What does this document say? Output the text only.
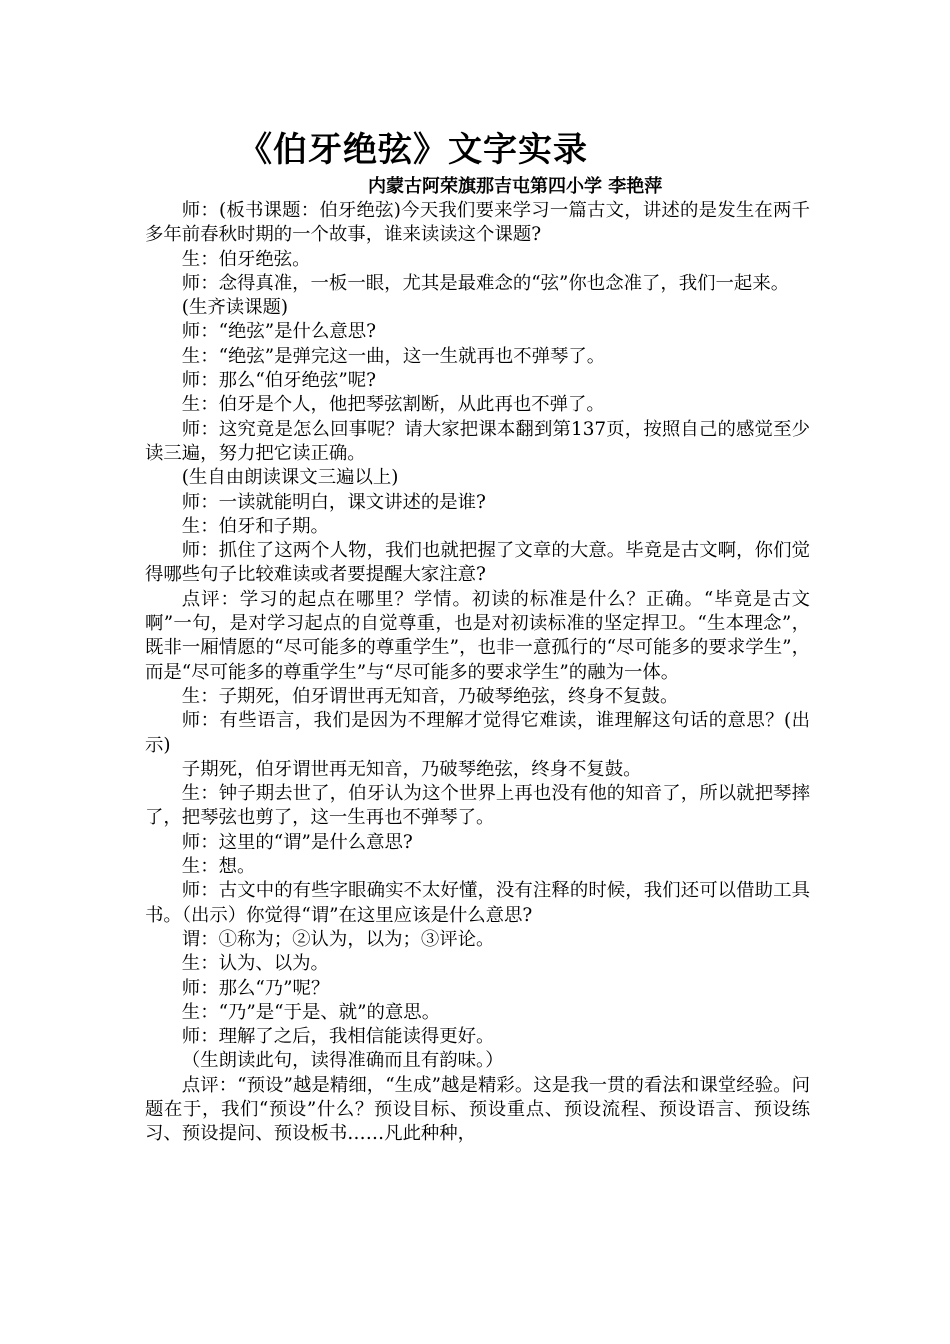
《伯牙绝弦》文字实录
内蒙古阿荣旗那吉屯第四小学 李艳萍

师：(板书课题：伯牙绝弦)今天我们要来学习一篇古文，讲述的是发生在两千多年前春秋时期的一个故事，谁来读读这个课题?

生：伯牙绝弦。

师：念得真准，一板一眼，尤其是最难念的“弦”你也念准了，我们一起来。

(生齐读课题)

师：“绝弦”是什么意思?

生：“绝弦”是弹完这一曲，这一生就再也不弹琴了。

师：那么“伯牙绝弦”呢?

生：伯牙是个人，他把琴弦割断，从此再也不弹了。

师：这究竟是怎么回事呢？请大家把课本翻到第137页，按照自己的感觉至少读三遍，努力把它读正确。

(生自由朗读课文三遍以上)

师：一读就能明白，课文讲述的是谁?

生：伯牙和子期。

师：抓住了这两个人物，我们也就把握了文章的大意。毕竟是古文啊，你们觉得哪些句子比较难读或者要提醒大家注意?

点评：学习的起点在哪里？学情。初读的标准是什么？正确。“毕竟是古文啊”一句，是对学习起点的自觉尊重，也是对初读标准的坚定捍卫。“生本理念”，既非一厢情愿的“尽可能多的尊重学生”，也非一意孤行的“尽可能多的要求学生”，而是“尽可能多的尊重学生”与“尽可能多的要求学生”的融为一体。

生：子期死，伯牙谓世再无知音，乃破琴绝弦，终身不复鼓。

师：有些语言，我们是因为不理解才觉得它难读，谁理解这句话的意思？(出示)

子期死，伯牙谓世再无知音，乃破琴绝弦，终身不复鼓。

生：钟子期去世了，伯牙认为这个世界上再也没有他的知音了，所以就把琴摔了，把琴弦也剪了，这一生再也不弹琴了。

师：这里的“谓”是什么意思?

生：想。

师：古文中的有些字眼确实不太好懂，没有注释的时候，我们还可以借助工具书。（出示）你觉得“谓”在这里应该是什么意思?

谓：①称为；②认为，以为；③评论。

生：认为、以为。

师：那么“乃”呢？

生：“乃”是“于是、就”的意思。

师：理解了之后，我相信能读得更好。

（生朗读此句，读得准确而且有韵味。）

点评：“预设”越是精细，“生成”越是精彩。这是我一贯的看法和课堂经验。问题在于，我们“预设”什么？预设目标、预设重点、预设流程、预设语言、预设练习、预设提问、预设板书……凡此种种，
